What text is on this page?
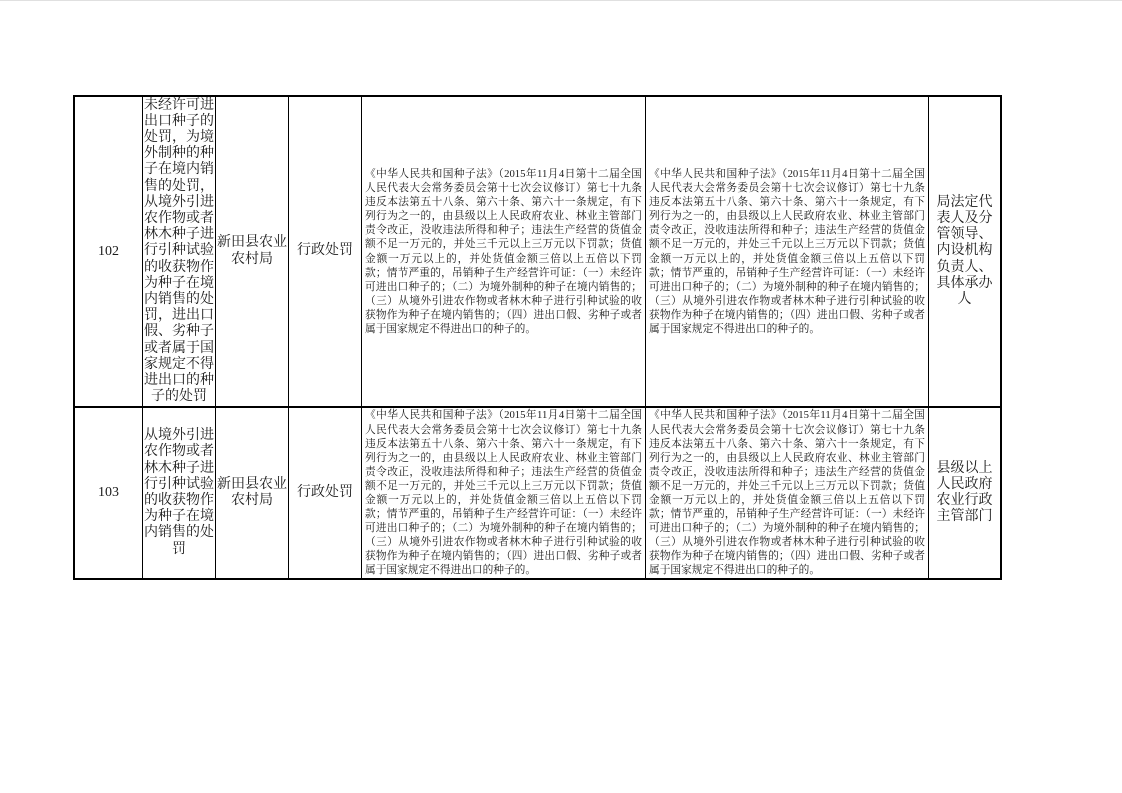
102
未经许可进出口种子的处罚，为境外制种的种子在境内销售的处罚，从境外引进农作物或者林木种子进行引种试验的收获物作为种子在境内销售的处罚，进出口假、劣种子或者属于国家规定不得进出口的种子的处罚
新田县农业农村局
行政处罚
《中华人民共和国种子法》（2015年11月4日第十二届全国人民代表大会常务委员会第十七次会议修订）第七十九条 违反本法第五十八条、第六十条、第六十一条规定，有下列行为之一的，由县级以上人民政府农业、林业主管部门责令改正，没收违法所得和种子；违法生产经营的货值金额不足一万元的，并处三千元以上三万元以下罚款；货值金额一万元以上的，并处货值金额三倍以上五倍以下罚款；情节严重的，吊销种子生产经营许可证：（一）未经许可进出口种子的；（二）为境外制种的种子在境内销售的；（三）从境外引进农作物或者林木种子进行引种试验的收获物作为种子在境内销售的；（四）进出口假、劣种子或者属于国家规定不得进出口的种子的。
《中华人民共和国种子法》（2015年11月4日第十二届全国人民代表大会常务委员会第十七次会议修订）第七十九条 违反本法第五十八条、第六十条、第六十一条规定，有下列行为之一的，由县级以上人民政府农业、林业主管部门责令改正，没收违法所得和种子；违法生产经营的货值金额不足一万元的，并处三千元以上三万元以下罚款；货值金额一万元以上的，并处货值金额三倍以上五倍以下罚款；情节严重的，吊销种子生产经营许可证：（一）未经许可进出口种子的；（二）为境外制种的种子在境内销售的；（三）从境外引进农作物或者林木种子进行引种试验的收获物作为种子在境内销售的；（四）进出口假、劣种子或者属于国家规定不得进出口的种子的。
局法定代表人及分管领导、内设机构负责人、具体承办人
103
从境外引进农作物或者林木种子进行引种试验的收获物作为种子在境内销售的处罚
新田县农业农村局
行政处罚
《中华人民共和国种子法》（2015年11月4日第十二届全国人民代表大会常务委员会第十七次会议修订）第七十九条 违反本法第五十八条、第六十条、第六十一条规定，有下列行为之一的，由县级以上人民政府农业、林业主管部门责令改正，没收违法所得和种子；违法生产经营的货值金额不足一万元的，并处三千元以上三万元以下罚款；货值金额一万元以上的，并处货值金额三倍以上五倍以下罚款；情节严重的，吊销种子生产经营许可证：（一）未经许可进出口种子的；（二）为境外制种的种子在境内销售的；（三）从境外引进农作物或者林木种子进行引种试验的收获物作为种子在境内销售的；（四）进出口假、劣种子或者属于国家规定不得进出口的种子的。
《中华人民共和国种子法》（2015年11月4日第十二届全国人民代表大会常务委员会第十七次会议修订）第七十九条 违反本法第五十八条、第六十条、第六十一条规定，有下列行为之一的，由县级以上人民政府农业、林业主管部门责令改正，没收违法所得和种子；违法生产经营的货值金额不足一万元的，并处三千元以上三万元以下罚款；货值金额一万元以上的，并处货值金额三倍以上五倍以下罚款；情节严重的，吊销种子生产经营许可证：（一）未经许可进出口种子的；（二）为境外制种的种子在境内销售的；（三）从境外引进农作物或者林木种子进行引种试验的收获物作为种子在境内销售的；（四）进出口假、劣种子或者属于国家规定不得进出口的种子的。
县级以上人民政府农业行政主管部门
